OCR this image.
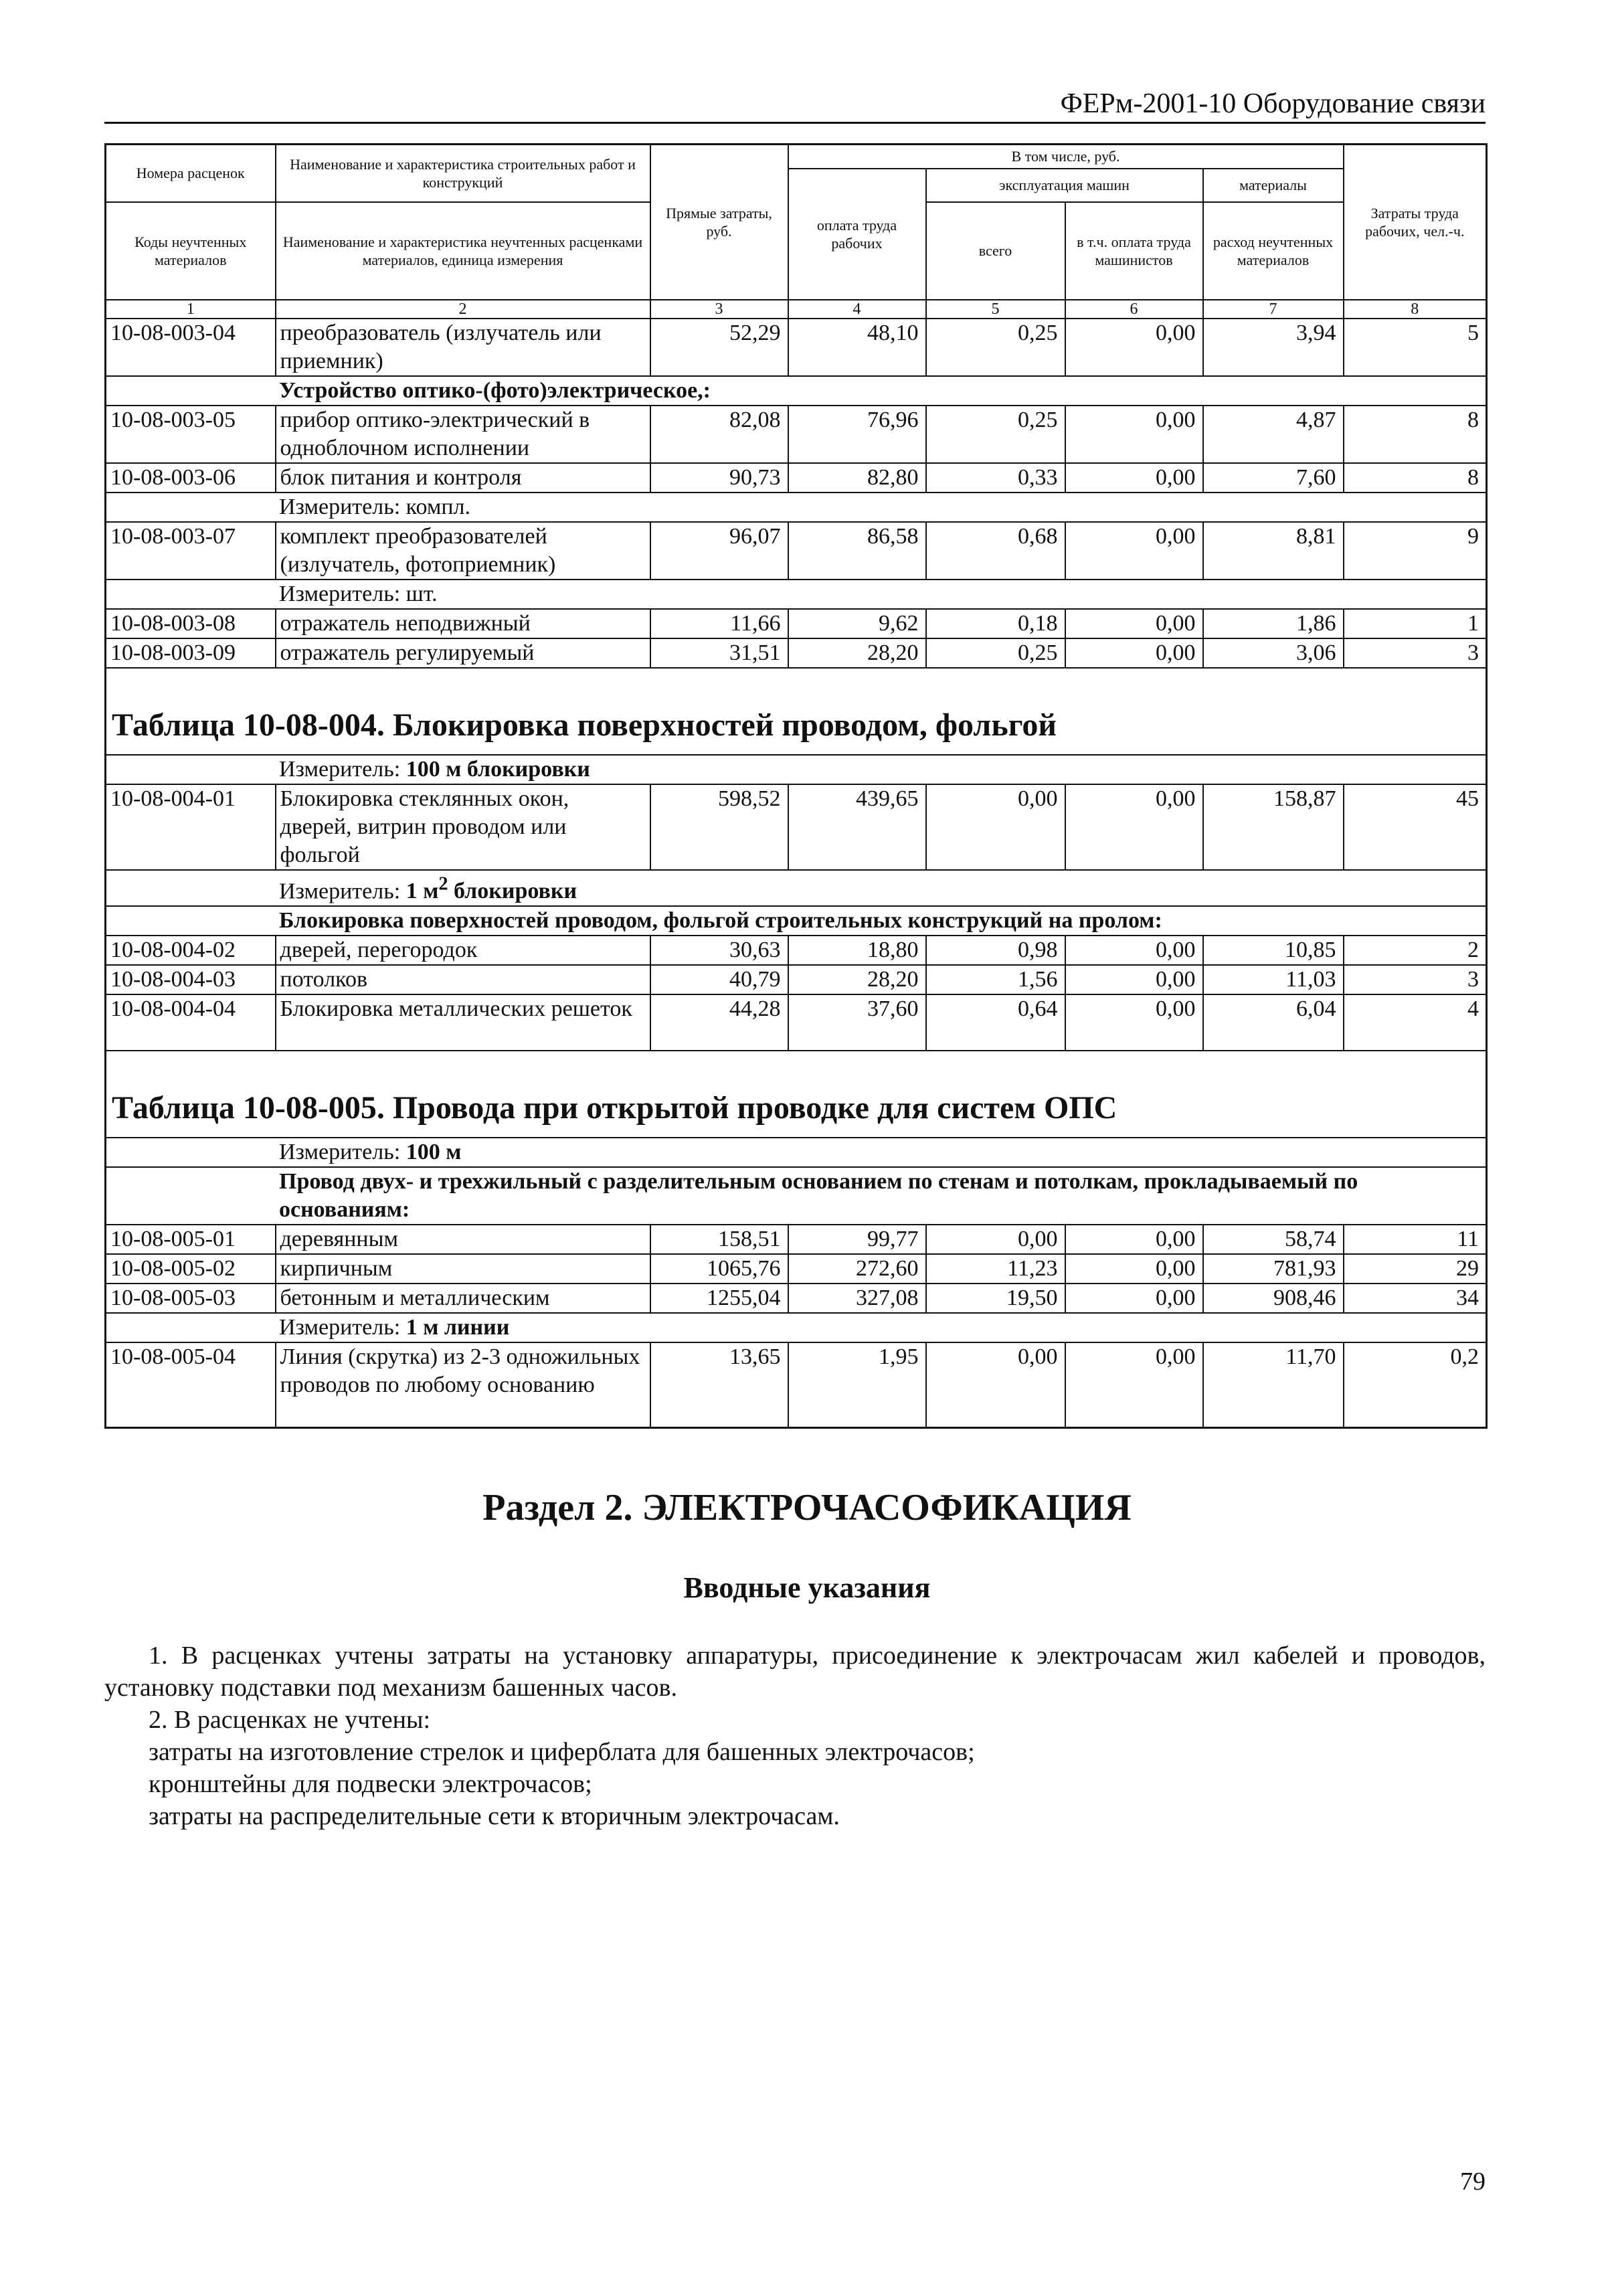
ФЕРм-2001-10 Оборудование связи
Номера расценок	Наименование и характеристика строительных работ и конструкций	Прямые затраты, руб.	В том числе, руб.				Затраты труда рабочих, чел.-ч.
			оплата труда рабочих	эксплуатация машин		материалы	
Коды неучтенных материалов	Наименование и характеристика неучтенных расценками материалов, единица измерения			всего	в т.ч. оплата труда машинистов	расход неучтенных материалов	

1	2	3	4	5	6	7	8
10-08-003-04	преобразователь (излучатель или приемник)	52,29	48,10	0,25	0,00	3,94	5
Устройство оптико-(фото)электрическое,:							
10-08-003-05	прибор оптико-электрический в одноблочном исполнении	82,08	76,96	0,25	0,00	4,87	8
10-08-003-06	блок питания и контроля	90,73	82,80	0,33	0,00	7,60	8
Измеритель: компл.							
10-08-003-07	комплект преобразователей (излучатель, фотоприемник)	96,07	86,58	0,68	0,00	8,81	9
Измеритель: шт.							
10-08-003-08	отражатель неподвижный	11,66	9,62	0,18	0,00	1,86	1
10-08-003-09	отражатель регулируемый	31,51	28,20	0,25	0,00	3,06	3
Таблица 10-08-004. Блокировка поверхностей проводом, фольгой							
Измеритель: 100 м блокировки							
10-08-004-01	Блокировка стеклянных окон, дверей, витрин проводом или фольгой	598,52	439,65	0,00	0,00	158,87	45
Измеритель: 1 $м^2$ блокировки							
Блокировка поверхностей проводом, фольгой строительных конструкций на пролом:							
10-08-004-02	дверей, перегородок	30,63	18,80	0,98	0,00	10,85	2
10-08-004-03	потолков	40,79	28,20	1,56	0,00	11,03	3
10-08-004-04	Блокировка металлических решеток	44,28	37,60	0,64	0,00	6,04	4
Таблица 10-08-005. Провода при открытой проводке для систем ОПС							
Измеритель: 100 м							
Провод двух- и трехжильный с разделительным основанием по стенам и потолкам, прокладываемый по основаниям:							
10-08-005-01	деревянным	158,51	99,77	0,00	0,00	58,74	11
10-08-005-02	кирпичным	1065,76	272,60	11,23	0,00	781,93	29
10-08-005-03	бетонным и металлическим	1255,04	327,08	19,50	0,00	908,46	34
Измеритель: 1 м линии							
10-08-005-04	Линия (скрутка) из 2-3 одножильных проводов по любому основанию	13,65	1,95	0,00	0,00	11,70	0,2
Раздел 2. ЭЛЕКТРОЧАСОФИКАЦИЯ
Вводные указания

1. В расценках учтены затраты на установку аппаратуры, присоединение к электрочасам жил кабелей и проводов, установку подставки под механизм башенных часов.

2. В расценках не учтены:

затраты на изготовление стрелок и циферблата для башенных электрочасов;

кронштейны для подвески электрочасов;

затраты на распределительные сети к вторичным электрочасам.

79
